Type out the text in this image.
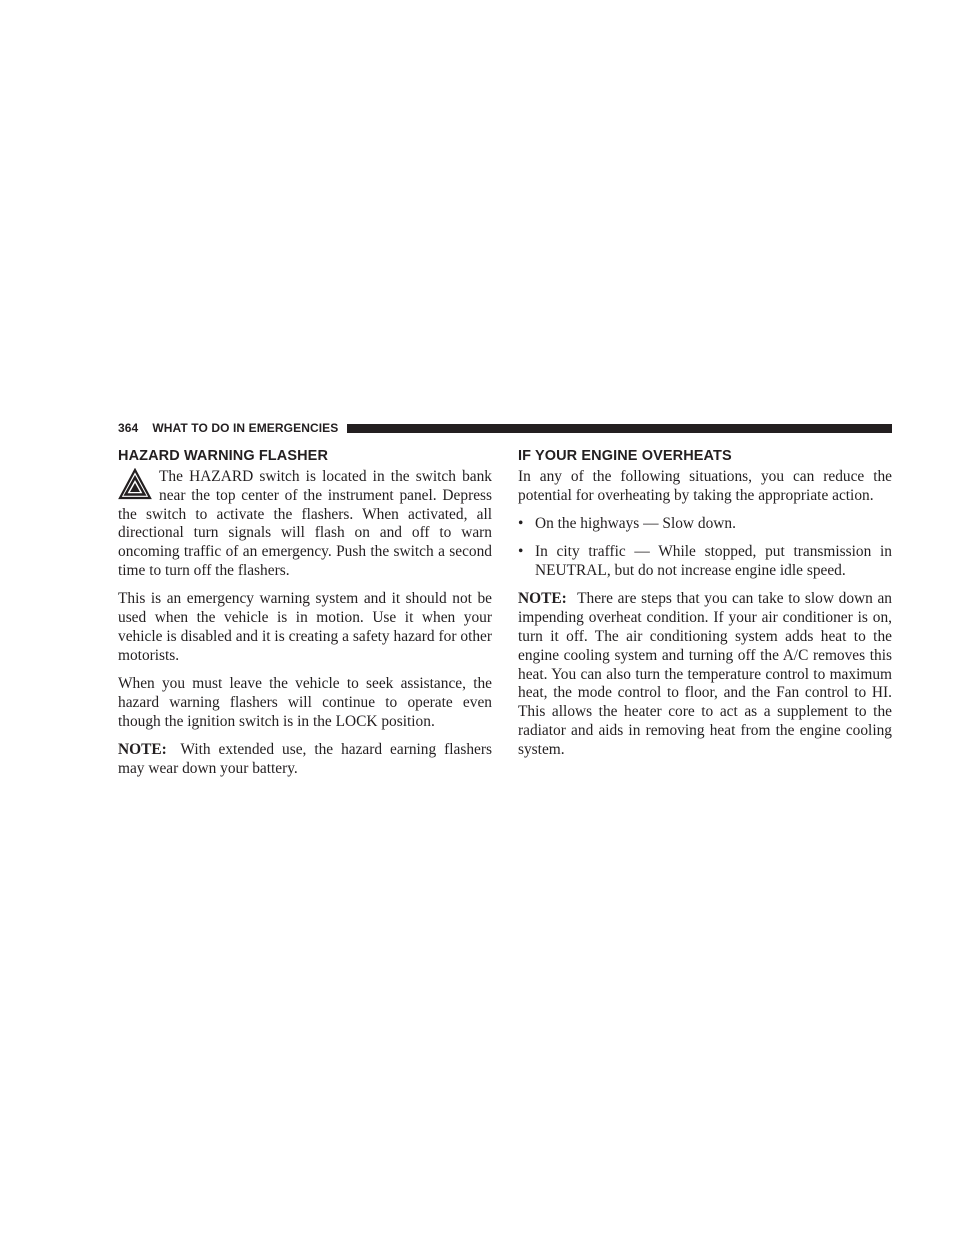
364 WHAT TO DO IN EMERGENCIES
HAZARD WARNING FLASHER

The HAZARD switch is located in the switch bank near the top center of the instrument panel. Depress the switch to activate the flashers. When activated, all directional turn signals will flash on and off to warn oncoming traffic of an emergency. Push the switch a second time to turn off the flashers.

This is an emergency warning system and it should not be used when the vehicle is in motion. Use it when your vehicle is disabled and it is creating a safety hazard for other motorists.

When you must leave the vehicle to seek assistance, the hazard warning flashers will continue to operate even though the ignition switch is in the LOCK position.

NOTE: With extended use, the hazard earning flashers may wear down your battery.

IF YOUR ENGINE OVERHEATS

In any of the following situations, you can reduce the potential for overheating by taking the appropriate action.

• On the highways — Slow down.
• In city traffic — While stopped, put transmission in NEUTRAL, but do not increase engine idle speed.

NOTE: There are steps that you can take to slow down an impending overheat condition. If your air conditioner is on, turn it off. The air conditioning system adds heat to the engine cooling system and turning off the A/C removes this heat. You can also turn the temperature control to maximum heat, the mode control to floor, and the Fan control to HI. This allows the heater core to act as a supplement to the radiator and aids in removing heat from the engine cooling system.
